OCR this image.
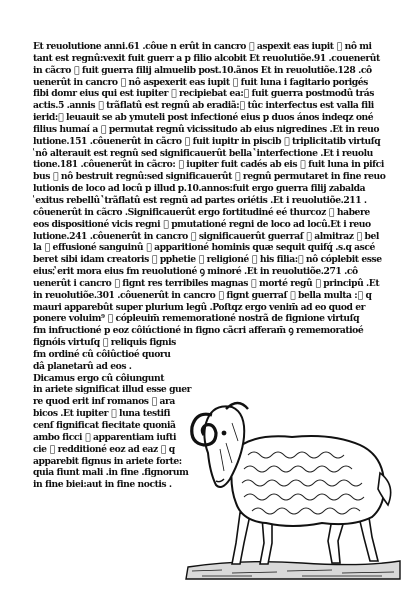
Et reuolutione anni.61 .côue n erût in cancro ᷣ aspexit eas iupit ᷣ nô mi
tant est regnû:vexit fuit guerr a p filio alcobit Et reuolutiõe.91 .couenerût
in cãcro ᷣ fuit guerra filij almuelib post.10.ãnos Et in reuolutiõe.128 .cô
uenerût in cancro ᷣ nô aspexerit eas iupit ᷣ fuit luna i fagitario porigés
fibi domr eius qui est iupiter ᷣ recipiebat ea:ᷣ fuit guerra postmodû trás
actis.5 .annis ᷣ trãflatû est regnû ab eradiã:ᷣ tûc interfectus est valla fili
ierid:ᷣ leuauit se ab ymuteli post infectioné eius p duos ános indeqz oné
filius humaí a ᷣ permutaŧ regnû vicissitudo ab eius nigredines .Et in reuo
lutione.151 .côuenerût in cãcro ᷣ fuit iupitr in piscib ᷣ triplicitatib virtuſq
ᷣ nô alterauit est regnû sed significauerût bella ᷣ interfectione .Et i reuolu
tione.181 .côuenerût in cãcro: ᷣ iupiter fuit cadés ab eis ᷣ fuit luna in pifci
bus ᷣ nô bestruit regnû:sed significauerût ᷣ regnû permutaret in fine reuo
lutionis de loco ad locû p illud p.10.annos:fuit ergo guerra filij zabalda
ᷣ exitus rebellû ᷣ trãflatû est regnû ad partes oriétis .Et i reuolutiõe.211 .
côuenerût in cãcro .Significauerût ergo fortitudiné eé thurcoz ᷣ habere
eos dispositioné vicis regni ᷣ pmutationé regni de loco ad locû.Et i reuo
lutione.241 .côuenerût in cancro ᷣ significauerût guerraſ ᷣ almitraz ᷣ bel
la ᷣ effusioné sanguinû ᷣ apparitioné hominis quæ sequit quifq́ .s.q ascé
beret sibi idam creatoris ᷣ pphetie ᷣ religioné ᷣ his filia:ᷣ nô cóplebit esse
eius:ᷣ erit mora eius fm reuolutioné ꝯ minoré .Et in reuolutiõe.271 .cô
uenerût i cancro ᷣ fignt res terribiles magnas ᷣ morté regû ᷣ principû .Et
in reuolutiõe.301 .côuenerût in cancro ᷣ fignt guerraſ ᷣ bella multa :ᷣ q
mauri apparebût super plurium legû .Poſtqz ergo venim̄ ad eo quod er
ponere voluim⁹ ᷣ cópleuim̄ rememorationé nostrã de fignione virtuſq
fm infructioné p eoz côiúctioné in figno cãcri afferam̄ ꝯ rememoratioé
fignóis virtuſq ᷣ reliquis fignis
fm ordiné cû côiûctioé quoru
dâ planetarû ad eos .
Dicamus ergo cû côiungunt
in ariete significat illud esse guer
re quod erit inf romanos ᷣ ara
bicos .Et iupiter ᷣ luna testifi
cenſ fignificat fiecitate quoniã
ambo ficci ᷣ apparentiam iufti
cie ᷣ redditioné eoz ad eaz ᷣ q
apparebit fignus in ariete forte:
quia fiunt mali .in fine .fignorum
in fine biei:aut in fine noctis .
